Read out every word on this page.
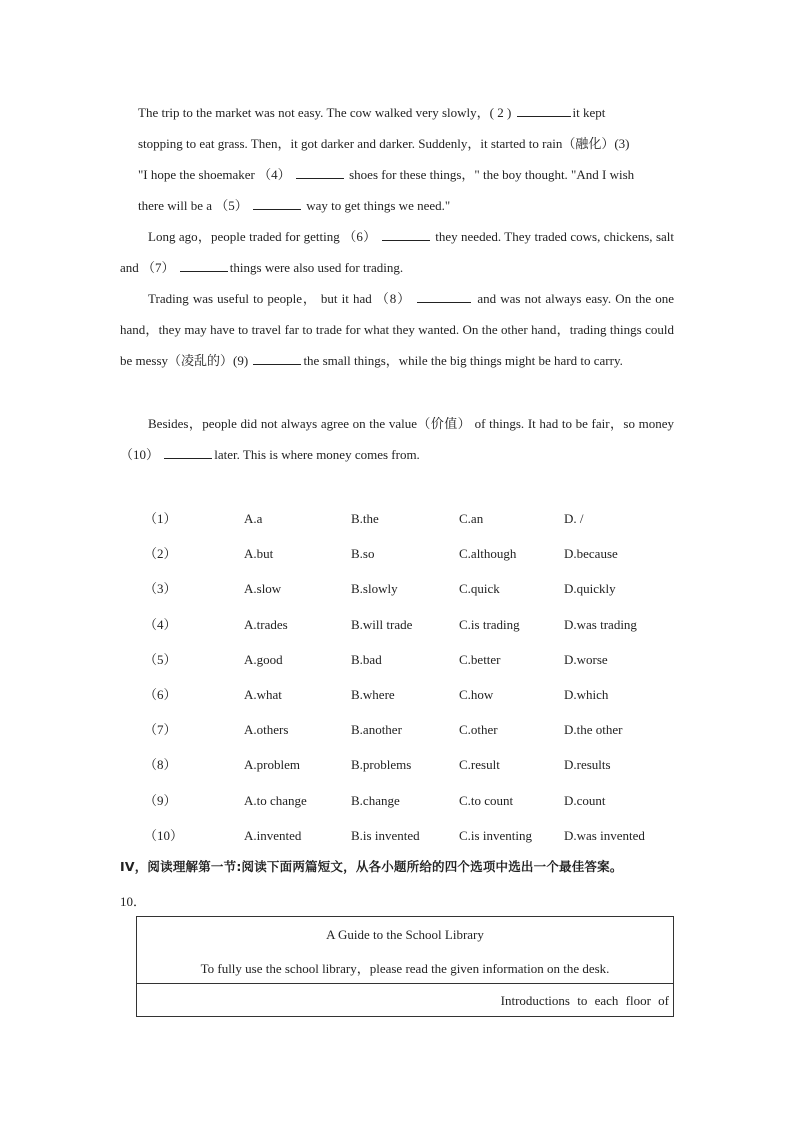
The trip to the market was not easy. The cow walked very slowly，( 2 )	it kept

stopping to eat grass. Then，it got darker and darker. Suddenly，it started to rain（融化）(3)

"I hope the shoemaker （4）	shoes for these things，" the boy thought. "And I wish

there will be a （5）	way to get things we need."

Long ago，people traded for getting （6）	they needed. They traded cows, chickens, salt and （7）	things were also used for trading.
Trading was useful to people， but it had （8）	and was not always easy. On the one hand，they may have to travel far to trade for what they wanted. On the other hand，trading things could be messy（凌乱的）(9)	the small things，while the big things might be hard to carry.
Besides，people did not always agree on the value（价值） of things. It had to be fair，so money （10）	later. This is where money comes from.
（1）	A.a	B.the	C.an	D. /
（2）	A.but	B.so	C.although	D.because
（3）	A.slow	B.slowly	C.quick	D.quickly
（4）	A.trades	B.will trade	C.is trading	D.was trading
（5）	A.good	B.bad	C.better	D.worse
（6）	A.what	B.where	C.how	D.which
（7）	A.others	B.another	C.other	D.the other
（8）	A.problem	B.problems	C.result	D.results
（9）	A.to change	B.change	C.to count	D.count
（10）	A.invented	B.is invented	C.is inventing D.was invented
IV，阅读理解第一节:阅读下面两篇短文，从各小题所给的四个选项中选出一个最佳答案。
10．
A Guide to the School Library
To fully use the school library，please read the given information on the desk.
Introductions to each floor of
